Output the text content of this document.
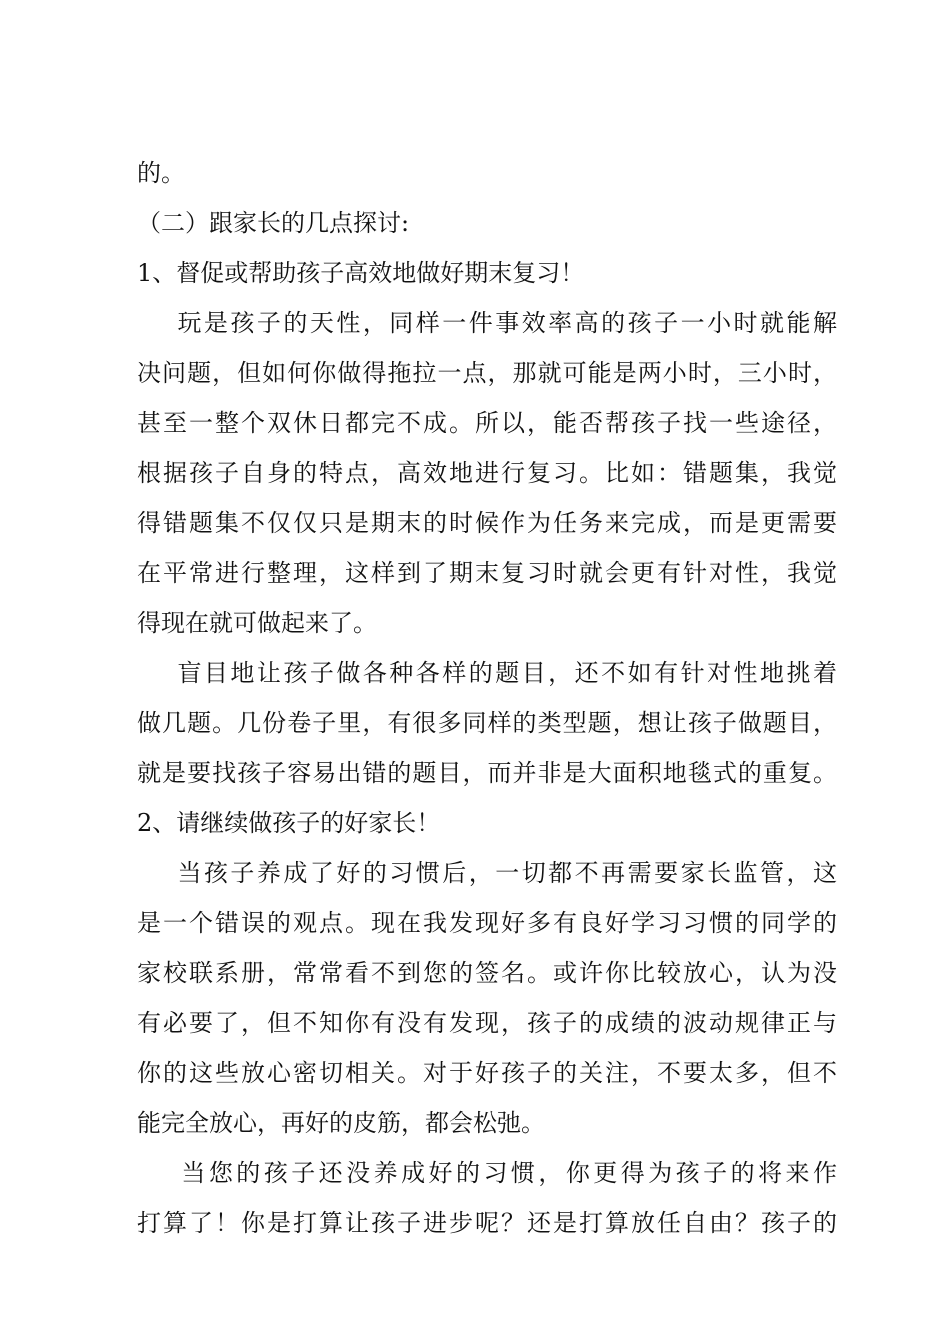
的。
（二）跟家长的几点探讨:
1、督促或帮助孩子高效地做好期末复习！
玩是孩子的天性，同样一件事效率高的孩子一小时就能解
决问题，但如何你做得拖拉一点，那就可能是两小时，三小时，
甚至一整个双休日都完不成。所以，能否帮孩子找一些途径，
根据孩子自身的特点，高效地进行复习。比如：错题集，我觉
得错题集不仅仅只是期末的时候作为任务来完成，而是更需要
在平常进行整理，这样到了期末复习时就会更有针对性，我觉
得现在就可做起来了。
盲目地让孩子做各种各样的题目，还不如有针对性地挑着
做几题。几份卷子里，有很多同样的类型题，想让孩子做题目，
就是要找孩子容易出错的题目，而并非是大面积地毯式的重复。
2、请继续做孩子的好家长！
当孩子养成了好的习惯后，一切都不再需要家长监管，这
是一个错误的观点。现在我发现好多有良好学习习惯的同学的
家校联系册，常常看不到您的签名。或许你比较放心，认为没
有必要了，但不知你有没有发现，孩子的成绩的波动规律正与
你的这些放心密切相关。对于好孩子的关注，不要太多，但不
能完全放心，再好的皮筋，都会松弛。
当您的孩子还没养成好的习惯，你更得为孩子的将来作
打算了！你是打算让孩子进步呢？还是打算放任自由？孩子的
